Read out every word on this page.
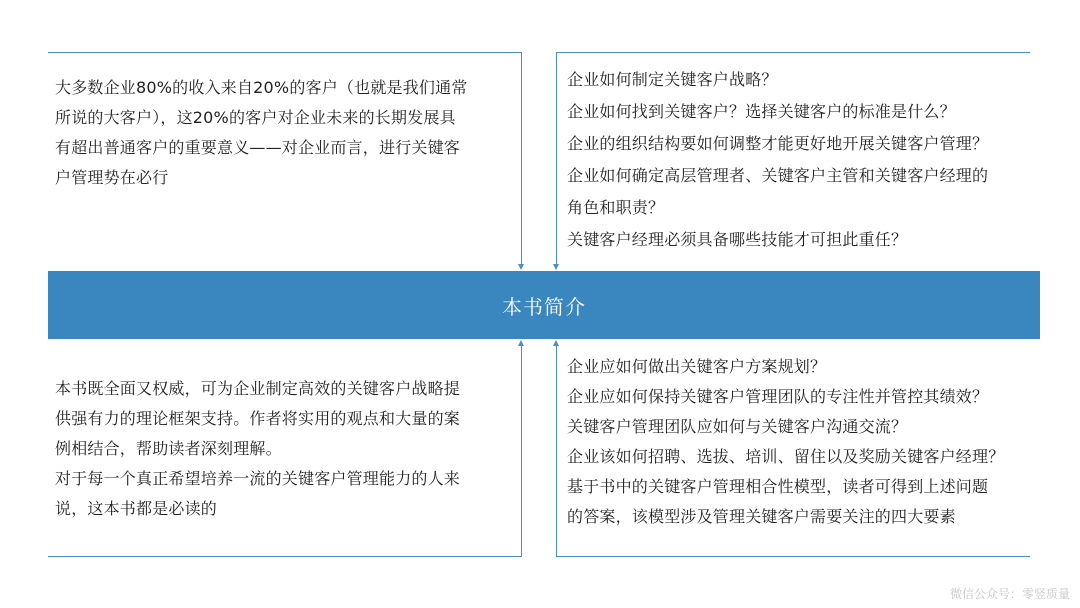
本书简介

大多数企业80%的收入来自20%的客户（也就是我们通常

所说的大客户），这20%的客户对企业未来的长期发展具

有超出普通客户的重要意义——对企业而言，进行关键客

户管理势在必行

企业如何制定关键客户战略？

企业如何找到关键客户？选择关键客户的标准是什么？

企业的组织结构要如何调整才能更好地开展关键客户管理？

企业如何确定高层管理者、关键客户主管和关键客户经理的

角色和职责？

关键客户经理必须具备哪些技能才可担此重任？

本书既全面又权威，可为企业制定高效的关键客户战略提

供强有力的理论框架支持。作者将实用的观点和大量的案

例相结合，帮助读者深刻理解。

对于每一个真正希望培养一流的关键客户管理能力的人来

说，这本书都是必读的

企业应如何做出关键客户方案规划？

企业应如何保持关键客户管理团队的专注性并管控其绩效？

关键客户管理团队应如何与关键客户沟通交流？

企业该如何招聘、选拔、培训、留住以及奖励关键客户经理？

基于书中的关键客户管理相合性模型，读者可得到上述问题

的答案，该模型涉及管理关键客户需要关注的四大要素

微信公众号：零竖质量
